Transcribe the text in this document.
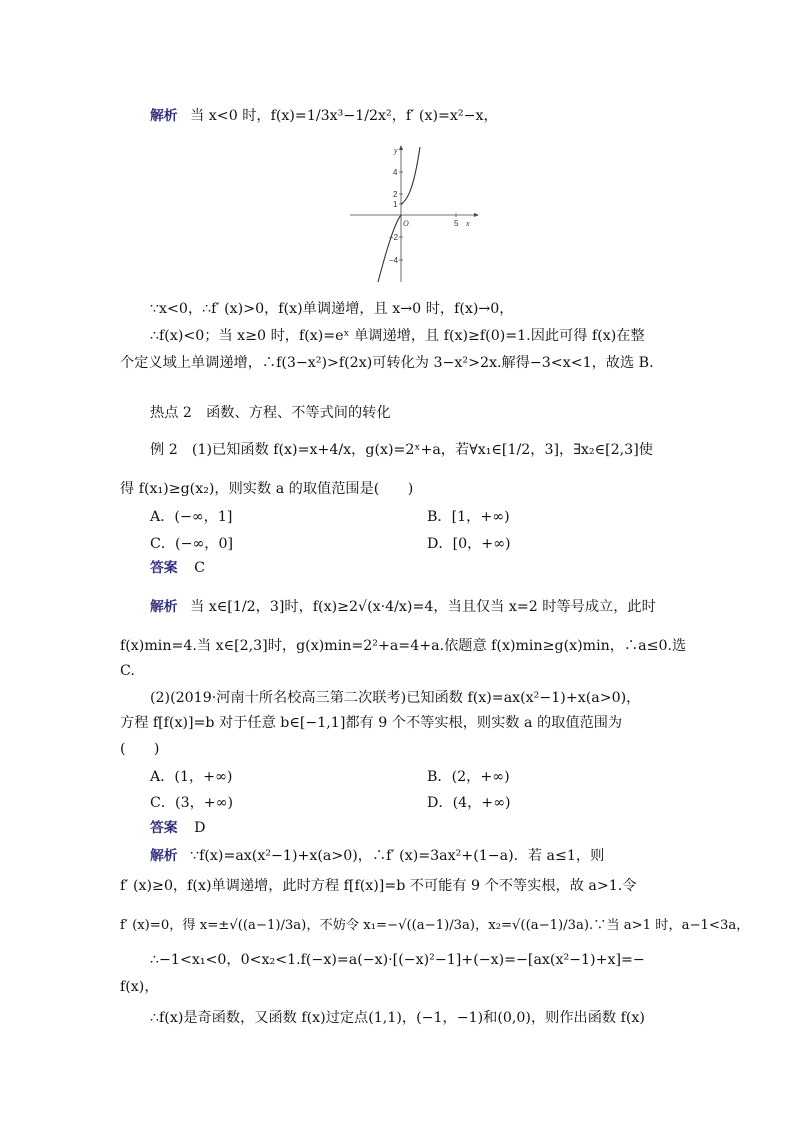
解析 当 x<0 时，f(x)=1/3x³−1/2x²，f′ (x)=x²−x，
y
x
O
4
2
1
−2
−4
5
∵x<0，∴f′ (x)>0，f(x)单调递增，且 x→0 时，f(x)→0，
∴f(x)<0；当 x≥0 时，f(x)=eˣ 单调递增，且 f(x)≥f(0)=1.因此可得 f(x)在整
个定义域上单调递增，∴f(3−x²)>f(2x)可转化为 3−x²>2x.解得−3<x<1，故选 B.
热点 2　函数、方程、不等式间的转化
例 2　(1)已知函数 f(x)=x+4/x，g(x)=2ˣ+a，若∀x₁∈[1/2，3]，∃x₂∈[2,3]使
得 f(x₁)≥g(x₂)，则实数 a 的取值范围是(　　)
A．(−∞，1]	B．[1，+∞)
C．(−∞，0]	D．[0，+∞)
答案 C
解析 当 x∈[1/2，3]时，f(x)≥2√(x·4/x)=4，当且仅当 x=2 时等号成立，此时
f(x)min=4.当 x∈[2,3]时，g(x)min=2²+a=4+a.依题意 f(x)min≥g(x)min，∴a≤0.选
C.
(2)(2019·河南十所名校高三第二次联考)已知函数 f(x)=ax(x²−1)+x(a>0)，
方程 f[f(x)]=b 对于任意 b∈[−1,1]都有 9 个不等实根，则实数 a 的取值范围为
(　　)
A．(1，+∞)	B．(2，+∞)
C．(3，+∞)	D．(4，+∞)
答案 D
解析 ∵f(x)=ax(x²−1)+x(a>0)，∴f′ (x)=3ax²+(1−a)．若 a≤1，则
f′ (x)≥0，f(x)单调递增，此时方程 f[f(x)]=b 不可能有 9 个不等实根，故 a>1.令
f′ (x)=0，得 x=±√((a−1)/3a)，不妨令 x₁=−√((a−1)/3a)，x₂=√((a−1)/3a).∵当 a>1 时，a−1<3a，
∴−1<x₁<0，0<x₂<1.f(−x)=a(−x)·[(−x)²−1]+(−x)=−[ax(x²−1)+x]=−
f(x)，
∴f(x)是奇函数，又函数 f(x)过定点(1,1)，(−1，−1)和(0,0)，则作出函数 f(x)
